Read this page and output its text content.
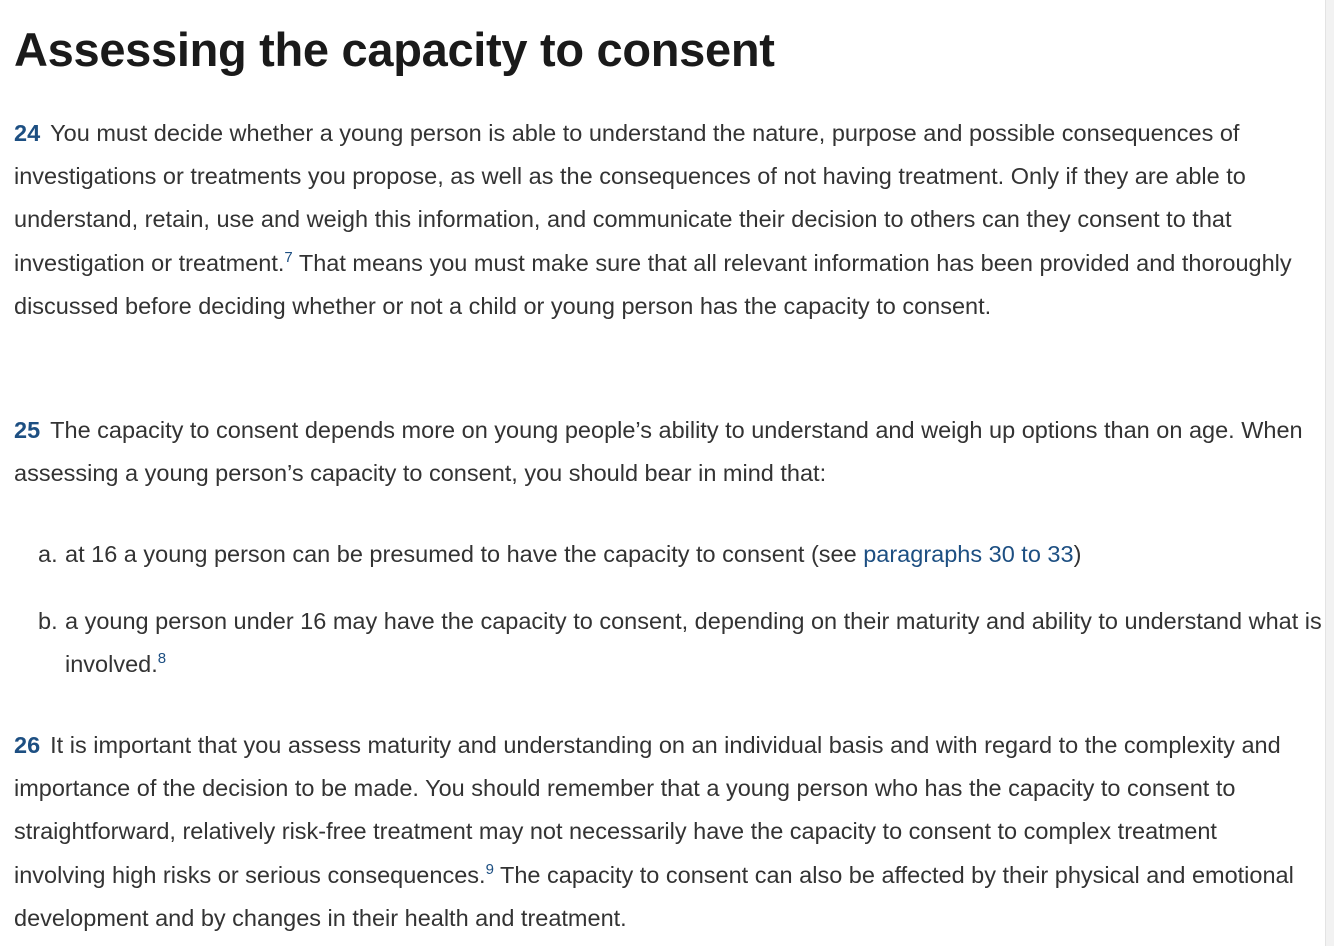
Assessing the capacity to consent

24 You must decide whether a young person is able to understand the nature, purpose and possible consequences of investigations or treatments you propose, as well as the consequences of not having treatment. Only if they are able to understand, retain, use and weigh this information, and communicate their decision to others can they consent to that investigation or treatment.$^7$ That means you must make sure that all relevant information has been provided and thoroughly discussed before deciding whether or not a child or young person has the capacity to consent.

25 The capacity to consent depends more on young people’s ability to understand and weigh up options than on age. When assessing a young person’s capacity to consent, you should bear in mind that:

a. at 16 a young person can be presumed to have the capacity to consent (see paragraphs 30 to 33)
b. a young person under 16 may have the capacity to consent, depending on their maturity and ability to understand what is involved.$^8$

26 It is important that you assess maturity and understanding on an individual basis and with regard to the complexity and importance of the decision to be made. You should remember that a young person who has the capacity to consent to straightforward, relatively risk-free treatment may not necessarily have the capacity to consent to complex treatment involving high risks or serious consequences.$^9$ The capacity to consent can also be affected by their physical and emotional development and by changes in their health and treatment.
